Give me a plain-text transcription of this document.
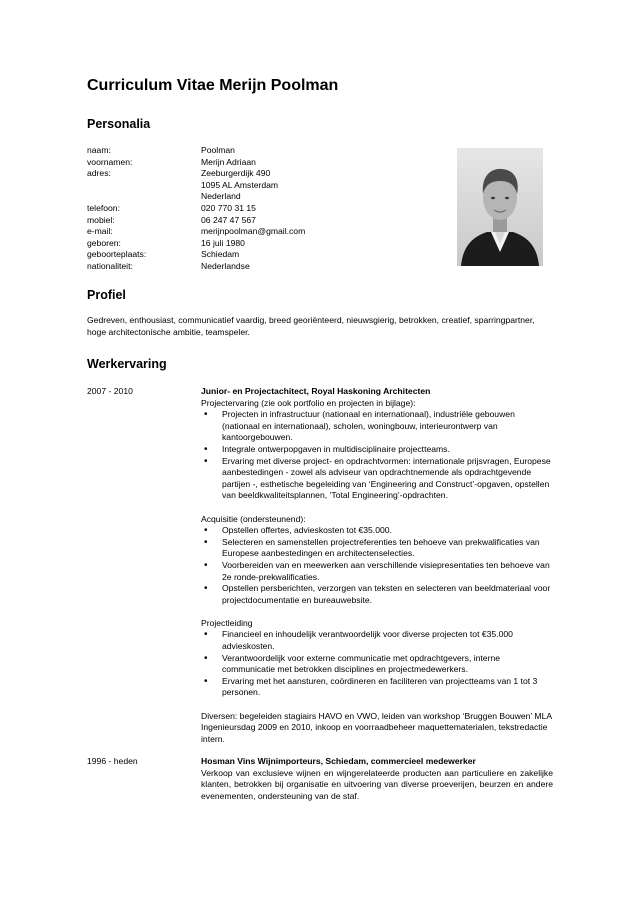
Curriculum Vitae Merijn Poolman
Personalia
naam:	Poolman
voornamen:	Merijn Adriaan
adres:	Zeeburgerdijk 490
1095 AL Amsterdam
Nederland
telefoon:	020 770 31 15
mobiel:	06 247 47 567
e-mail:	merijnpoolman@gmail.com
geboren:	16 juli 1980
geboorteplaats:	Schiedam
nationaliteit:	Nederlandse
Profiel
Gedreven, enthousiast, communicatief vaardig, breed georiënteerd, nieuwsgierig, betrokken, creatief, sparringpartner, hoge architectonische ambitie, teamspeler.
Werkervaring
2007 - 2010	Junior- en Projectachitect, Royal Haskoning Architecten
Projectervaring (zie ook portfolio en projecten in bijlage):
• Projecten in infrastructuur (nationaal en internationaal), industriële gebouwen (nationaal en internationaal), scholen, woningbouw, interieurontwerp van kantoorgebouwen.
• Integrale ontwerpopgaven in multidisciplinaire projectteams.
• Ervaring met diverse project- en opdrachtvormen: internationale prijsvragen, Europese aanbestedingen - zowel als adviseur van opdrachtnemende als opdrachtgevende partijen -, esthetische begeleiding van ‘Engineering and Construct’-opgaven, opstellen van beeldkwaliteitsplannen, ‘Total Engineering’-opdrachten.
Acquisitie (ondersteunend):
• Opstellen offertes, advieskosten tot €35.000.
• Selecteren en samenstellen projectreferenties ten behoeve van prekwalificaties van Europese aanbestedingen en architectenselecties.
• Voorbereiden van en meewerken aan verschillende visiepresentaties ten behoeve van 2e ronde-prekwalificaties.
• Opstellen persberichten, verzorgen van teksten en selecteren van beeldmateriaal voor projectdocumentatie en bureauwebsite.
Projectleiding
• Financieel en inhoudelijk verantwoordelijk voor diverse projecten tot €35.000 advieskosten.
• Verantwoordelijk voor externe communicatie met opdrachtgevers, interne communicatie met betrokken disciplines en projectmedewerkers.
• Ervaring met het aansturen, coördineren en faciliteren van projectteams van 1 tot 3 personen.
Diversen: begeleiden stagiairs HAVO en VWO, leiden van workshop ‘Bruggen Bouwen’ MLA Ingenieursdag 2009 en 2010, inkoop en voorraadbeheer maquettematerialen, tekstredactie intern.
1996 - heden	Hosman Vins Wijnimporteurs, Schiedam, commercieel medewerker
Verkoop van exclusieve wijnen en wijngerelateerde producten aan particuliere en zakelijke klanten, betrokken bij organisatie en uitvoering van diverse proeverijen, beurzen en andere evenementen, ondersteuning van de staf.
